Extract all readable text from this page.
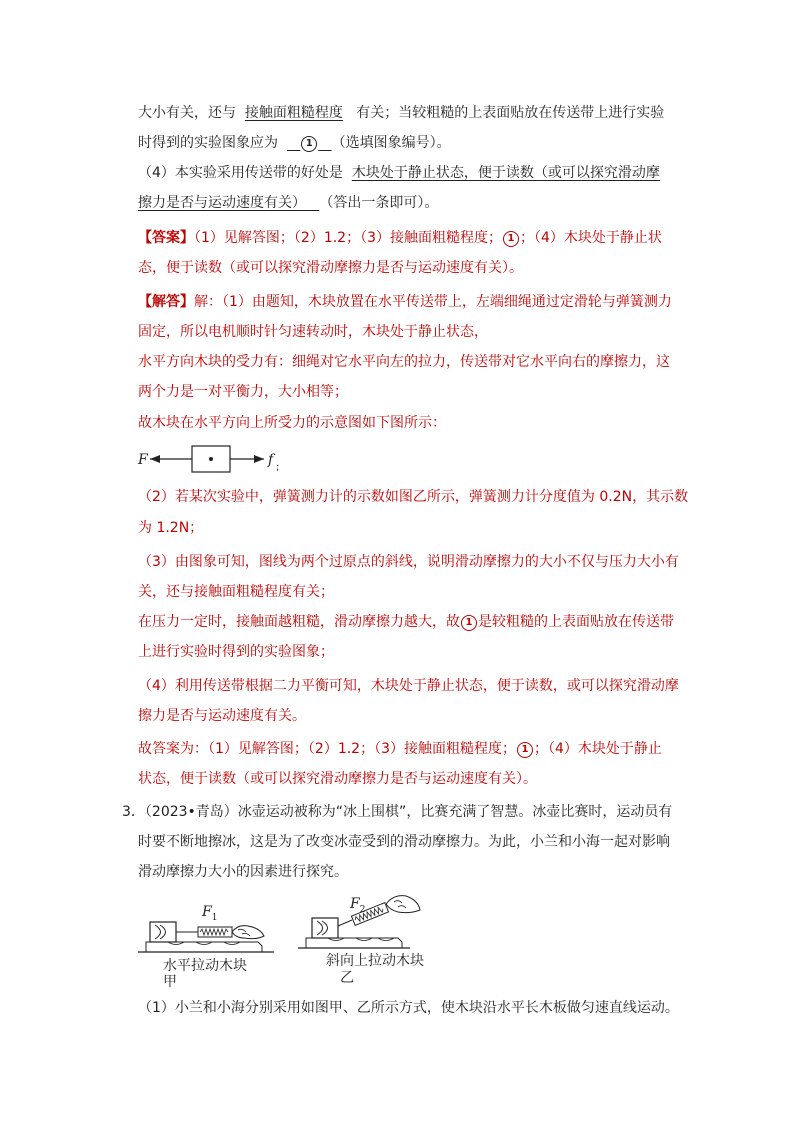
大小有关，还与 接触面粗糙程度 有关；当较粗糙的上表面贴放在传送带上进行实验
时得到的实验图象应为	1 （选填图象编号）。
（4）本实验采用传送带的好处是 木块处于静止状态，便于读数（或可以探究滑动摩
擦力是否与运动速度有关） （答出一条即可）。
【答案】（1）见解答图；（2）1.2；（3）接触面粗糙程度； 1 ；（4）木块处于静止状
态，便于读数（或可以探究滑动摩擦力是否与运动速度有关）。
【解答】解：（1）由题知，木块放置在水平传送带上，左端细绳通过定滑轮与弹簧测力
固定，所以电机顺时针匀速转动时，木块处于静止状态，
水平方向木块的受力有：细绳对它水平向左的拉力，传送带对它水平向右的摩擦力，这
两个力是一对平衡力，大小相等；
故木块在水平方向上所受力的示意图如下图所示：
F	f ;
（2）若某次实验中，弹簧测力计的示数如图乙所示，弹簧测力计分度值为 0.2N，其示数
为 1.2N；
（3）由图象可知，图线为两个过原点的斜线，说明滑动摩擦力的大小不仅与压力大小有
关，还与接触面粗糙程度有关；
在压力一定时，接触面越粗糙，滑动摩擦力越大，故 1 是较粗糙的上表面贴放在传送带
上进行实验时得到的实验图象；
（4）利用传送带根据二力平衡可知，木块处于静止状态，便于读数，或可以探究滑动摩
擦力是否与运动速度有关。
故答案为：（1）见解答图；（2）1.2；（3）接触面粗糙程度； 1 ；（4）木块处于静止
状态，便于读数（或可以探究滑动摩擦力是否与运动速度有关）。
3．（2023•青岛）冰壶运动被称为“冰上围棋”，比赛充满了智慧。冰壶比赛时，运动员有
时要不断地擦冰，这是为了改变冰壶受到的滑动摩擦力。为此，小兰和小海一起对影响
滑动摩擦力大小的因素进行探究。
$F_1$
水平拉动木块
甲
$F_2$
斜向上拉动木块
乙
（1）小兰和小海分别采用如图甲、乙所示方式，使木块沿水平长木板做匀速直线运动。
